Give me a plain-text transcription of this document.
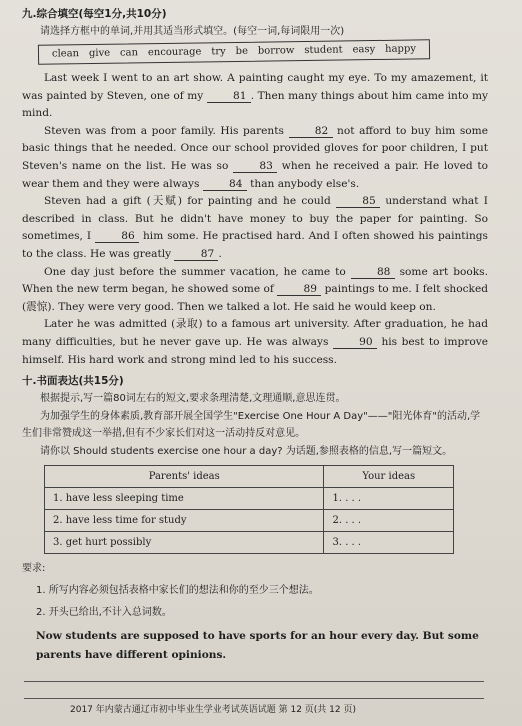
九.综合填空(每空1分,共10分)

请选择方框中的单词,并用其适当形式填空。(每空一词,每词限用一次)

clean give can encourage try be borrow student easy happy

Last week I went to an art show. A painting caught my eye. To my amazement, it was painted by Steven, one of my 81 . Then many things about him came into my mind.

Steven was from a poor family. His parents 82 not afford to buy him some basic things that he needed. Once our school provided gloves for poor children, I put Steven's name on the list. He was so 83 when he received a pair. He loved to wear them and they were always 84 than anybody else's.

Steven had a gift (天赋) for painting and he could 85 understand what I described in class. But he didn't have money to buy the paper for painting. So sometimes, I 86 him some. He practised hard. And I often showed his paintings to the class. He was greatly 87 .

One day just before the summer vacation, he came to 88 some art books. When the new term began, he showed some of 89 paintings to me. I felt shocked (震惊). They were very good. Then we talked a lot. He said he would keep on.

Later he was admitted (录取) to a famous art university. After graduation, he had many difficulties, but he never gave up. He was always 90 his best to improve himself. His hard work and strong mind led to his success.

十.书面表达(共15分)

根据提示,写一篇80词左右的短文,要求条理清楚,文理通顺,意思连贯。

为加强学生的身体素质,教育部开展全国学生"Exercise One Hour A Day"——"阳光体育"的活动,学生们非常赞成这一举措,但有不少家长们对这一活动持反对意见。

请你以 Should students exercise one hour a day? 为话题,参照表格的信息,写一篇短文。

Parents' ideas	Your ideas
1. have less sleeping time	1. . . .
2. have less time for study	2. . . .
3. get hurt possibly	3. . . .

要求:

1. 所写内容必须包括表格中家长们的想法和你的至少三个想法。

2. 开头已给出,不计入总词数。

Now students are supposed to have sports for an hour every day. But some parents have different opinions.

2017 年内蒙古通辽市初中毕业生学业考试英语试题 第 12 页(共 12 页)
